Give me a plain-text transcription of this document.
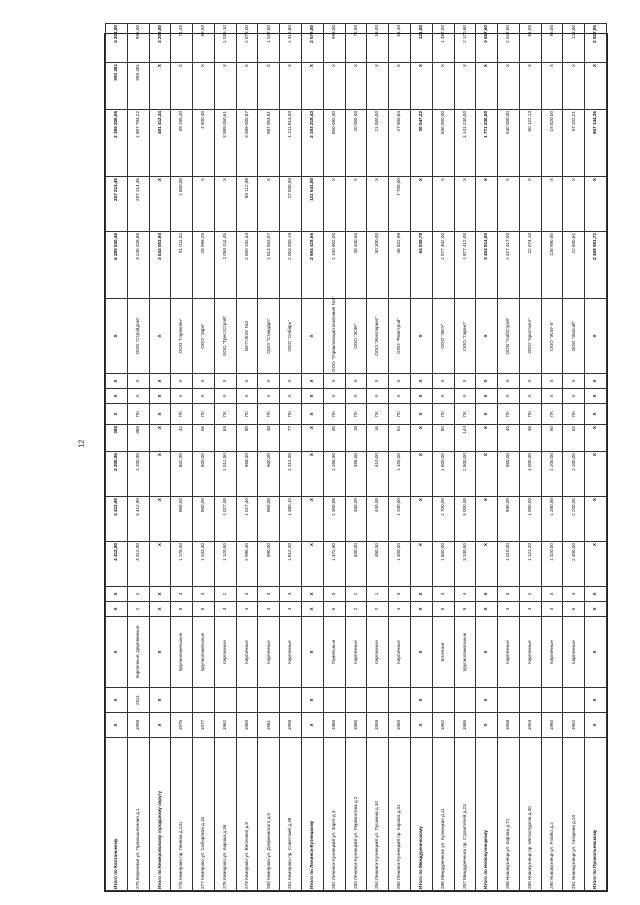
12
Итого по Калтанскому	Х	Х	Х	Х	Х	4 412,90	4 412,90	2 200,90	385	Х	Х	Х	Х	6 289 030,46	297 214,45	2 389 206,56	993 491	4 204,00
275 Бережная ул. Промышленная д.1	1958	2011	Кирпичные, Деревянные	2	2	4 412,90	4 412,90	2 200,90	386	ПК	Х	Х	ООО "Стройдом"	3 245 026,86	297 214,45	1 907 794,22	993 491	996,00
Итого по Кемеровскому городскому округу	Х	Х	Х	Х	Х	Х	Х	Х	Х	Х	Х	Х	Х	3 043 003,60	Х	481 412,34	Х	3 208,00
276 Кемерово пр. Ленина д.131	1975		Крупнопанельные	9	4	1 179,30	960,50	802,90	42	ПК	Х	Х	ООО "Горзелен"	91 011,32	1 800,00	39 180,40	Х	71,40
277 Кемерово ул. Сибиряков д.15	1977		Крупнопанельные	5	4	1 043,30	960,00	800,00	56	ПК	Х	Х	ООО "Заря"	28 999,25	Х	4 800,48	Х	99,50
278 Кемерово ул. Кирова д.36	1962		Кирпичные	4	2	1 120,00	1 027,00	1 012,90	63	ПК	Х	Х	ООО "ТрестСтрой"	2 050 411,45	Х	3 989 050,61	Х	1 035,10
279 Кемерово ул. Весенняя д.9	1960		Кирпичные	4	4	2 095,40	1 027,40	968,30	90	ПК	Х	Х	МУП ЖЭУ №2	2 050 192,34	80 112,98	3 089 000,87	Х	2 078,00
280 Кемерово ул. Дзержинского д.5	1961		Кирпичные	4	3	980,00	960,00	900,00	48	ПК	Х	Х	ООО "Стандарт"	1 814 553,07	Х	987 054,91	Х	1 047,00
281 Кемерово пр. Советский д.48	1958		Кирпичные	4	4	1 812,00	1 380,10	1 312,90	77	ПК	Х	Х	ООО "Сибирь"	2 063 000,19	27 500,00	1 211 813,00	Х	1 412,60
Итого по Ленинск-Кузнецкому	Х	Х	Х	Х	Х	Х	Х	Х	Х	Х	Х	Х	Х	2 894 418,65	131 641,00	2 193 218,43	Х	2 578,00
282 Ленинск-Кузнецкий ул. Зорге д.4	1965		Панельные	5	3	1 472,90	1 300,88	1 268,90	45	ПК	Х	Х	ООО "Управляющая компания №1"	1 100 902,00	Х	850 092,00	Х	999,00
283 Ленинск-Кузнецкий ул. Лермонтова д.2	1960		Кирпичные	2	2	500,00	480,00	456,00	18	ПК	Х	Х	ООО "ЖЭК"	30 330,00	Х	20 055,00	Х	78,00
284 Ленинск-Кузнецкий ул. Пушкина д.10	1958		Кирпичные	2	1	460,30	440,00	410,00	16	ПК	Х	Х	ООО "Жилсервис"	30 300,00	Х	21 000,00	Х	53,00
285 Ленинск-Кузнецкий пр. Кирова д.31	1960		Кирпичные	4	3	1 300,00	1 200,00	1 100,00	52	ПК	Х	Х	ООО "Ремстрой"	46 822,98	7 700,00	27 900,64	Х	51,40
Итого по Междуреченскому	Х	Х	Х	Х	Х	Х	Х	Х	Х	Х	Х	Х	Х	94 039,78	Х	30 047,22	Х	121,00
286 Междуреченск ул. Кузнецкая д.11	1962		Блочные	5	4	1 800,00	1 700,00	1 600,00	80	ПК	Х	Х	ООО "ЖКУ"	1 577 402,00	Х	630 000,00	Х	1 487,00
287 Междуреченск пр. Строителей д.23	1965		Крупнопанельные	9	4	3 200,00	3 000,00	2 800,00	144	ПК	Х	Х	ООО "Гарант"	1 877 412,00	Х	1 141 230,00	Х	2 170,60
Итого по Новокузнецкому	Х	Х	Х	Х	Х	Х	Х	Х	Х	Х	Х	Х	Х	3 454 814,00	Х	1 771 230,00	Х	3 657,60
288 Новокузнецк ул. Кирова д.71	1958		Кирпичные	4	3	1 010,00	990,00	950,00	40	ПК	Х	Х	ООО "СибСтрой"	2 327 417,00	Х	540 000,00	Х	2 547,00
289 Новокузнецк пр. Металлургов д.40	1954		Кирпичные	4	2	1 121,20	1 050,00	1 000,00	46	ПК	Х	Х	ООО "Кристалл"	22 074,10	Х	60 122,14	Х	61,05
290 Новокузнецк ул. Franko д.2	1960		Кирпичные	4	4	1 320,00	1 280,00	1 200,00	50	ПК	Х	Х	ООО "ЖЭУ-5"	126 990,00	Х	19 820,00	Х	96,00
291 Новокузнецк ул. Гагарина д.20	1962		Кирпичные	5	4	2 400,00	2 200,00	2 100,00	92	ПК	Х	Х	ООО "Запсиб"	22 500,61	Х	37 202,21	Х	123,00
Итого по Прокопьевскому	Х	Х	Х	Х	Х	Х	Х	Х	Х	Х	Х	Х	Х	2 498 981,71	Х	657 144,35	Х	2 827,05
